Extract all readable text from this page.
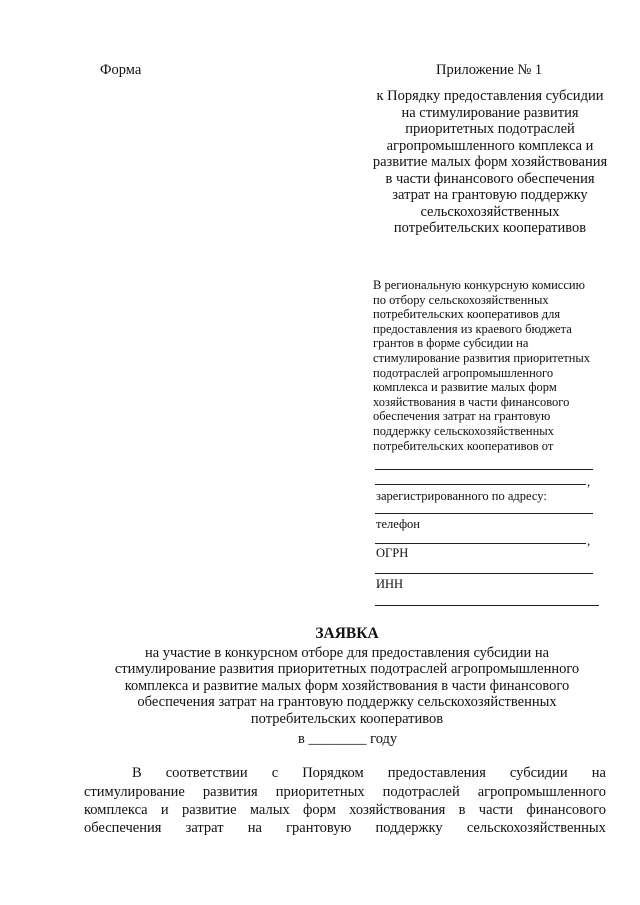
Форма	Приложение № 1
к Порядку предоставления субсидии
на стимулирование развития
приоритетных подотраслей
агропромышленного комплекса и
развитие малых форм хозяйствования
в части финансового обеспечения
затрат на грантовую поддержку
сельскохозяйственных
потребительских кооперативов
В региональную конкурсную комиссию
по отбору сельскохозяйственных
потребительских кооперативов для
предоставления из краевого бюджета
грантов в форме субсидии на
стимулирование развития приоритетных
подотраслей агропромышленного
комплекса и развитие малых форм
хозяйствования в части финансового
обеспечения затрат на грантовую
поддержку сельскохозяйственных
потребительских кооперативов от
,
зарегистрированного по адресу:
телефон
,
ОГРН
ИНН
ЗАЯВКА
на участие в конкурсном отборе для предоставления субсидии на
стимулирование развития приоритетных подотраслей агропромышленного
комплекса и развитие малых форм хозяйствования в части финансового
обеспечения затрат на грантовую поддержку сельскохозяйственных
потребительских кооперативов
в ________ году
В соответствии с Порядком предоставления субсидии на
стимулирование развития приоритетных подотраслей агропромышленного
комплекса и развитие малых форм хозяйствования в части финансового
обеспечения затрат на грантовую поддержку сельскохозяйственных
